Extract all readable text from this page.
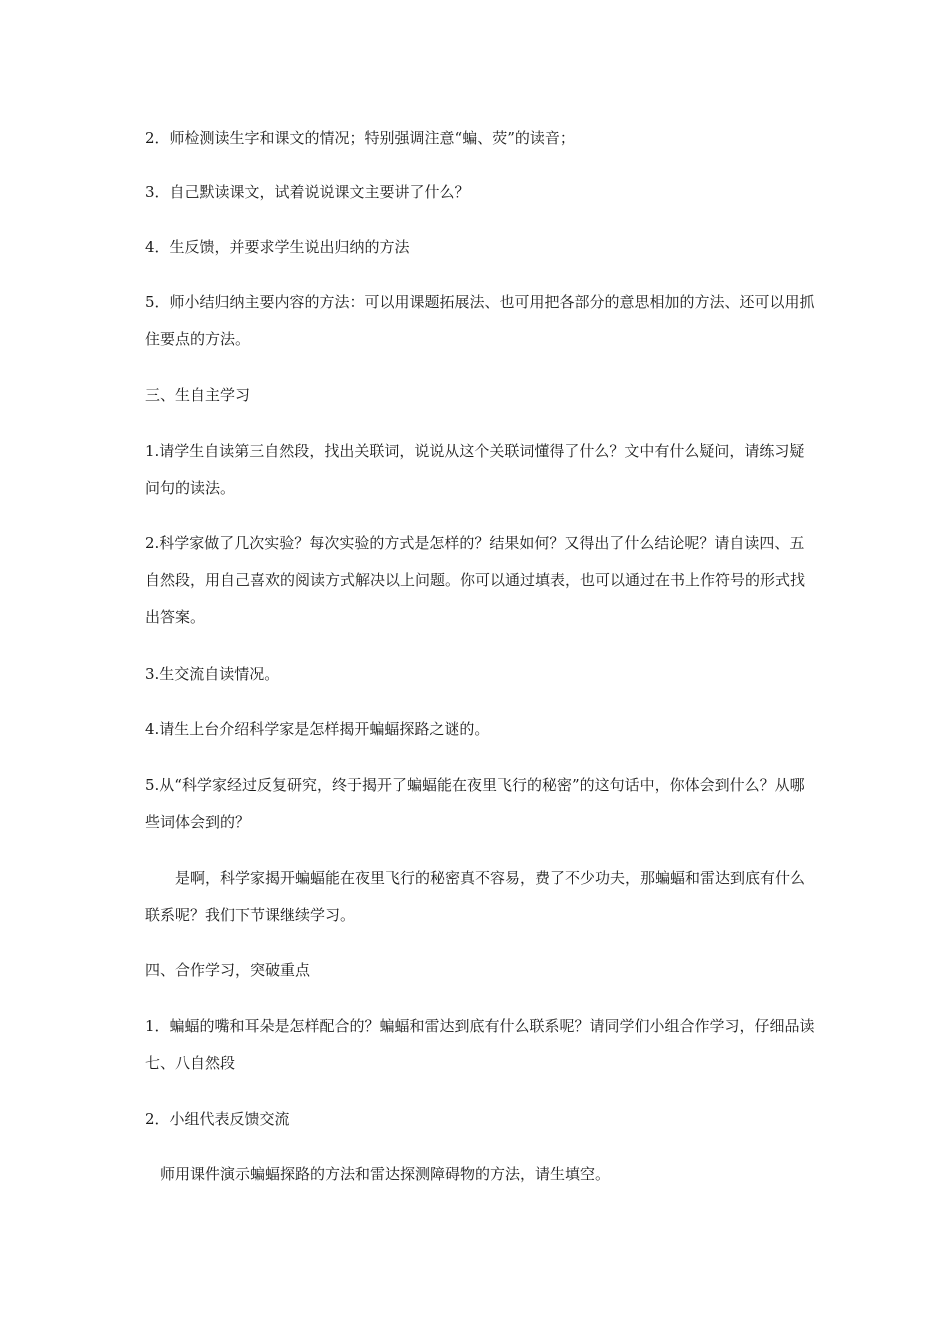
2．师检测读生字和课文的情况；特别强调注意“蝙、荧”的读音；

3．自己默读课文，试着说说课文主要讲了什么？

4．生反馈，并要求学生说出归纳的方法

5．师小结归纳主要内容的方法：可以用课题拓展法、也可用把各部分的意思相加的方法、还可以用抓住要点的方法。

三、生自主学习

1.请学生自读第三自然段，找出关联词，说说从这个关联词懂得了什么？文中有什么疑问，请练习疑问句的读法。

2.科学家做了几次实验？每次实验的方式是怎样的？结果如何？又得出了什么结论呢？请自读四、五自然段，用自己喜欢的阅读方式解决以上问题。你可以通过填表，也可以通过在书上作符号的形式找出答案。

3.生交流自读情况。

4.请生上台介绍科学家是怎样揭开蝙蝠探路之谜的。

5.从“科学家经过反复研究，终于揭开了蝙蝠能在夜里飞行的秘密”的这句话中，你体会到什么？从哪些词体会到的？

是啊，科学家揭开蝙蝠能在夜里飞行的秘密真不容易，费了不少功夫，那蝙蝠和雷达到底有什么联系呢？我们下节课继续学习。

四、合作学习，突破重点

1．蝙蝠的嘴和耳朵是怎样配合的？蝙蝠和雷达到底有什么联系呢？请同学们小组合作学习，仔细品读七、八自然段

2．小组代表反馈交流

师用课件演示蝙蝠探路的方法和雷达探测障碍物的方法，请生填空。
